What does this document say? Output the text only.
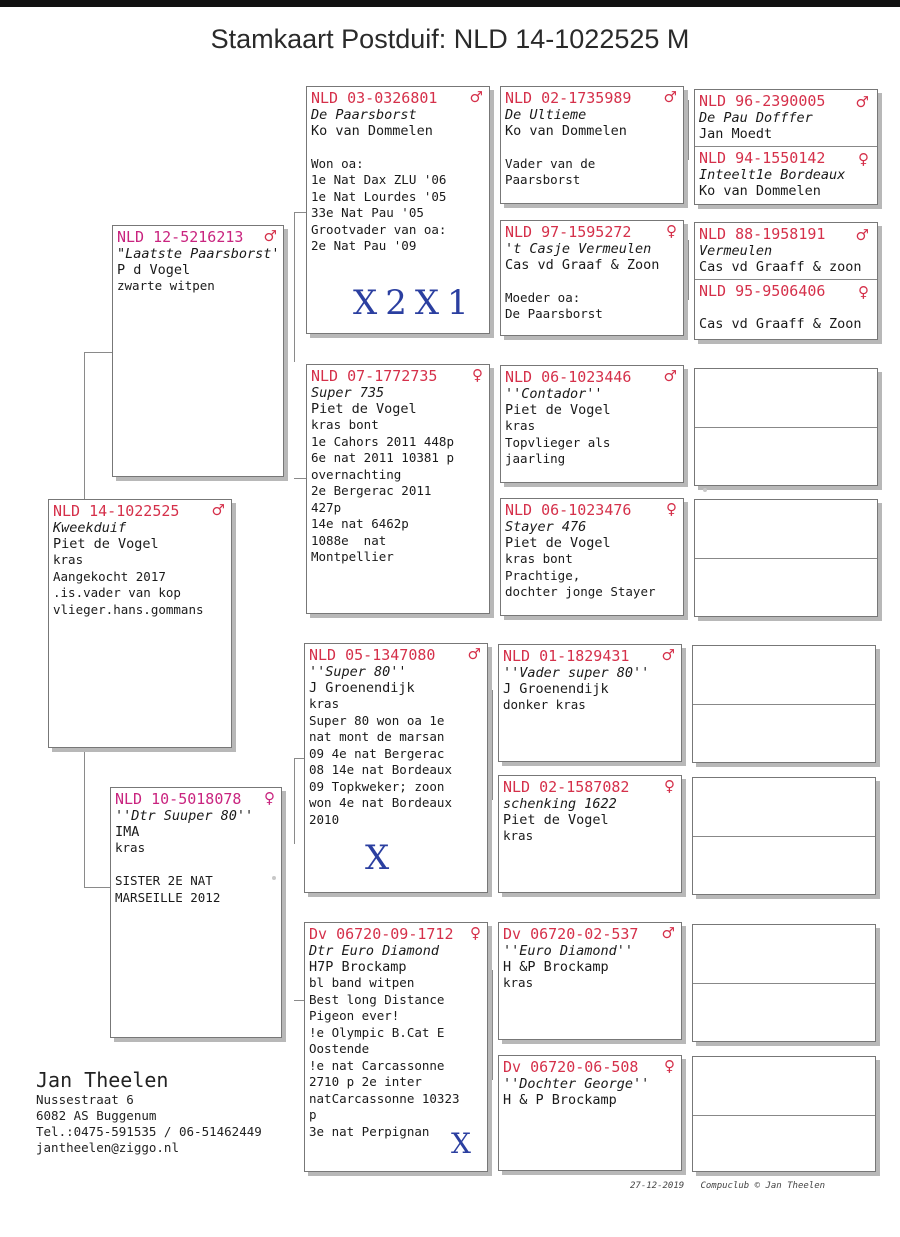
Stamkaart Postduif: NLD 14-1022525 M
NLD 14-1022525	♂
Kweekduif
Piet de Vogel
kras
Aangekocht 2017
.is.vader van kop
vlieger.hans.gommans
NLD 12-5216213	♂
"Laatste Paarsborst'
P d Vogel
zwarte witpen
NLD 10-5018078	♀
''Dtr Suuper 80''
IMA
kras

SISTER 2E NAT
MARSEILLE 2012
NLD 03-0326801	♂
De Paarsborst
Ko van Dommelen

Won oa:
1e Nat Dax ZLU '06
1e Nat Lourdes '05
33e Nat Pau '05
Grootvader van oa:
2e Nat Pau '09
X2X1
NLD 07-1772735	♀
Super 735
Piet de Vogel
kras bont
1e Cahors 2011 448p
6e nat 2011 10381 p
overnachting
2e Bergerac 2011
427p
14e nat 6462p
1088e  nat
Montpellier
NLD 05-1347080	♂
''Super 80''
J Groenendijk
kras
Super 80 won oa 1e
nat mont de marsan
09 4e nat Bergerac
08 14e nat Bordeaux
09 Topkweker; zoon
won 4e nat Bordeaux
2010
X
Dv 06720-09-1712	♀
Dtr Euro Diamond
H7P Brockamp
bl band witpen
Best long Distance
Pigeon ever!
!e Olympic B.Cat E
Oostende
!e nat Carcassonne
2710 p 2e inter
natCarcassonne 10323
p
3e nat Perpignan X
NLD 02-1735989	♂
De Ultieme
Ko van Dommelen

Vader van de
Paarsborst
NLD 97-1595272	♀
't Casje Vermeulen
Cas vd Graaf & Zoon

Moeder oa:
De Paarsborst
NLD 06-1023446	♂
''Contador''
Piet de Vogel
kras
Topvlieger als
jaarling
NLD 06-1023476	♀
Stayer 476
Piet de Vogel
kras bont
Prachtige,
dochter jonge Stayer
NLD 01-1829431	♂
''Vader super 80''
J Groenendijk
donker kras
NLD 02-1587082	♀
schenking 1622
Piet de Vogel
kras
Dv 06720-02-537	♂
''Euro Diamond''
H &P Brockamp
kras
Dv 06720-06-508	♀
''Dochter George''
H & P Brockamp
NLD 96-2390005	♂
De Pau Dofffer
Jan Moedt
NLD 94-1550142	♀
Inteelt1e Bordeaux
Ko van Dommelen
NLD 88-1958191	♂
Vermeulen
Cas vd Graaff & zoon
NLD 95-9506406	♀
Cas vd Graaff & Zoon
Jan Theelen
Nussestraat 6
6082 AS Buggenum
Tel.:0475-591535 / 06-51462449
jantheelen@ziggo.nl
27-12-2019   Compuclub © Jan Theelen
